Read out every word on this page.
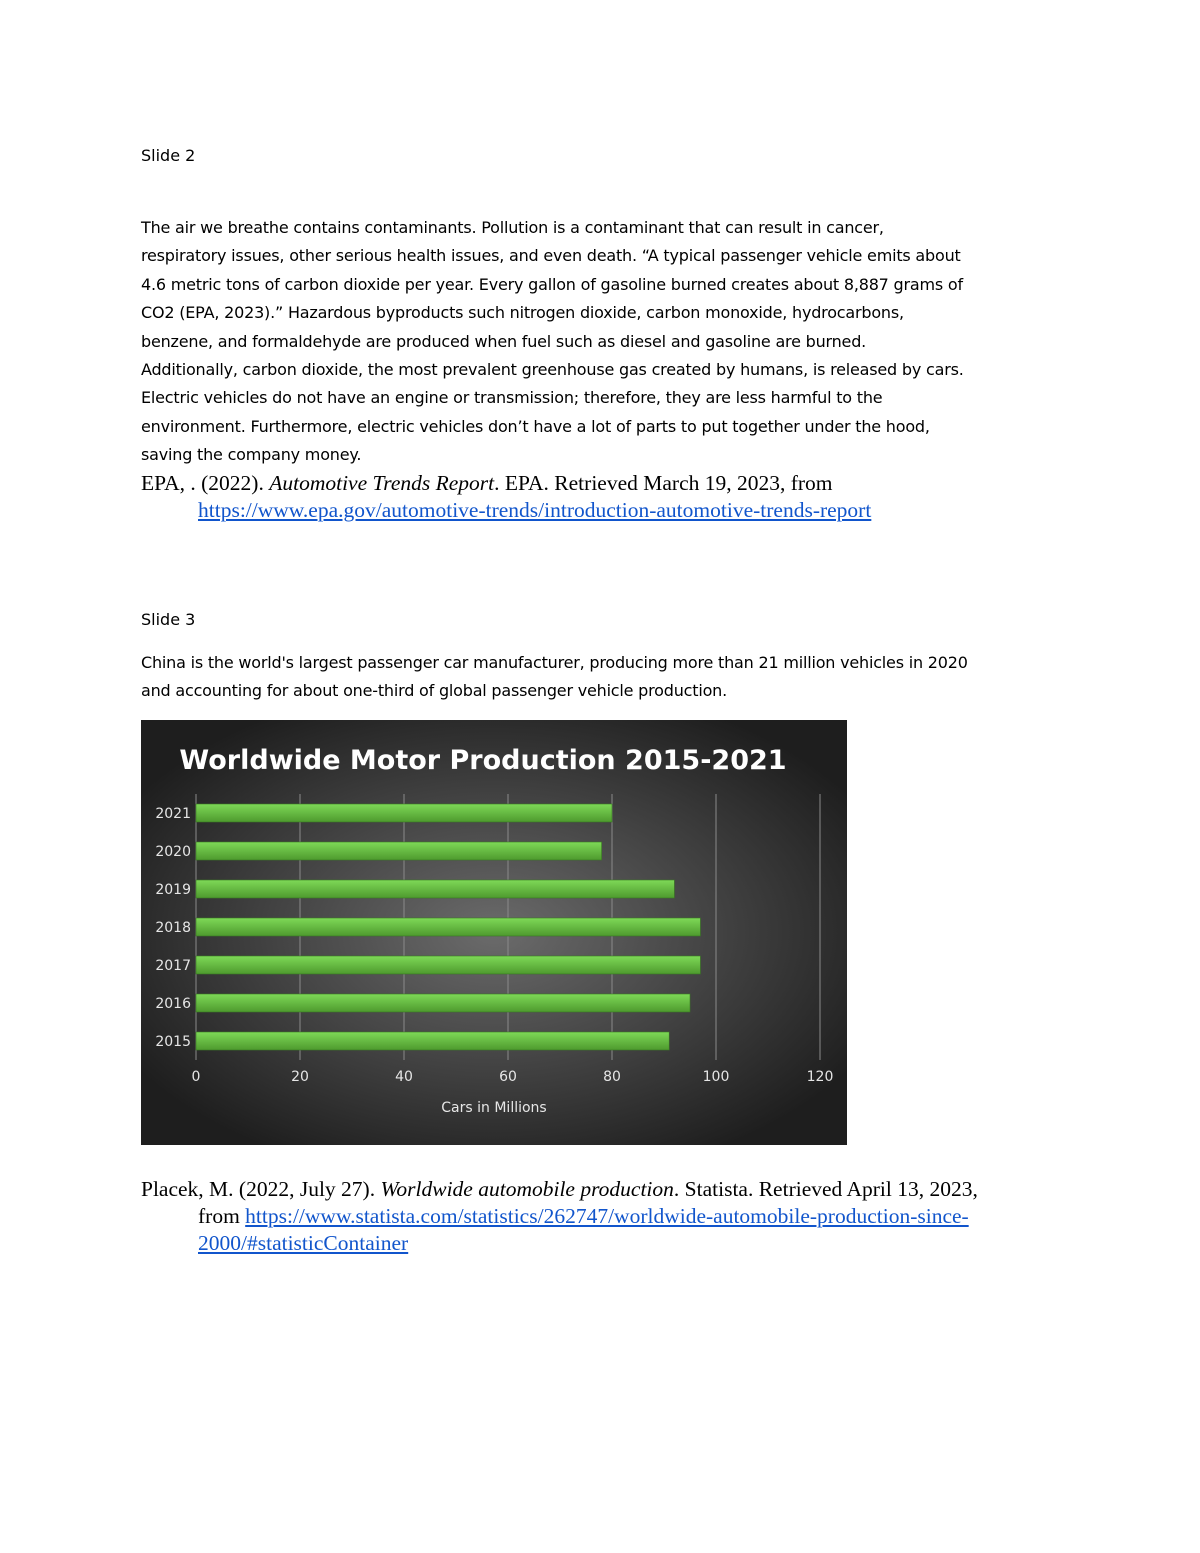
Slide 2
The air we breathe contains contaminants. Pollution is a contaminant that can result in cancer,
respiratory issues, other serious health issues, and even death. “A typical passenger vehicle emits about
4.6 metric tons of carbon dioxide per year. Every gallon of gasoline burned creates about 8,887 grams of
CO2 (EPA, 2023).” Hazardous byproducts such nitrogen dioxide, carbon monoxide, hydrocarbons,
benzene, and formaldehyde are produced when fuel such as diesel and gasoline are burned.
Additionally, carbon dioxide, the most prevalent greenhouse gas created by humans, is released by cars.
Electric vehicles do not have an engine or transmission; therefore, they are less harmful to the
environment. Furthermore, electric vehicles don’t have a lot of parts to put together under the hood,
saving the company money.
EPA, . (2022). Automotive Trends Report. EPA. Retrieved March 19, 2023, from
https://www.epa.gov/automotive-trends/introduction-automotive-trends-report
Slide 3
China is the world's largest passenger car manufacturer, producing more than 21 million vehicles in 2020
and accounting for about one-third of global passenger vehicle production.
Worldwide Motor Production 2015-2021
2015
2016
2017
2018
2019
2020
2021
0	20	40	60	80	100	120
Cars in Millions
Placek, M. (2022, July 27). Worldwide automobile production. Statista. Retrieved April 13, 2023,
from https://www.statista.com/statistics/262747/worldwide-automobile-production-since-
2000/#statisticContainer
